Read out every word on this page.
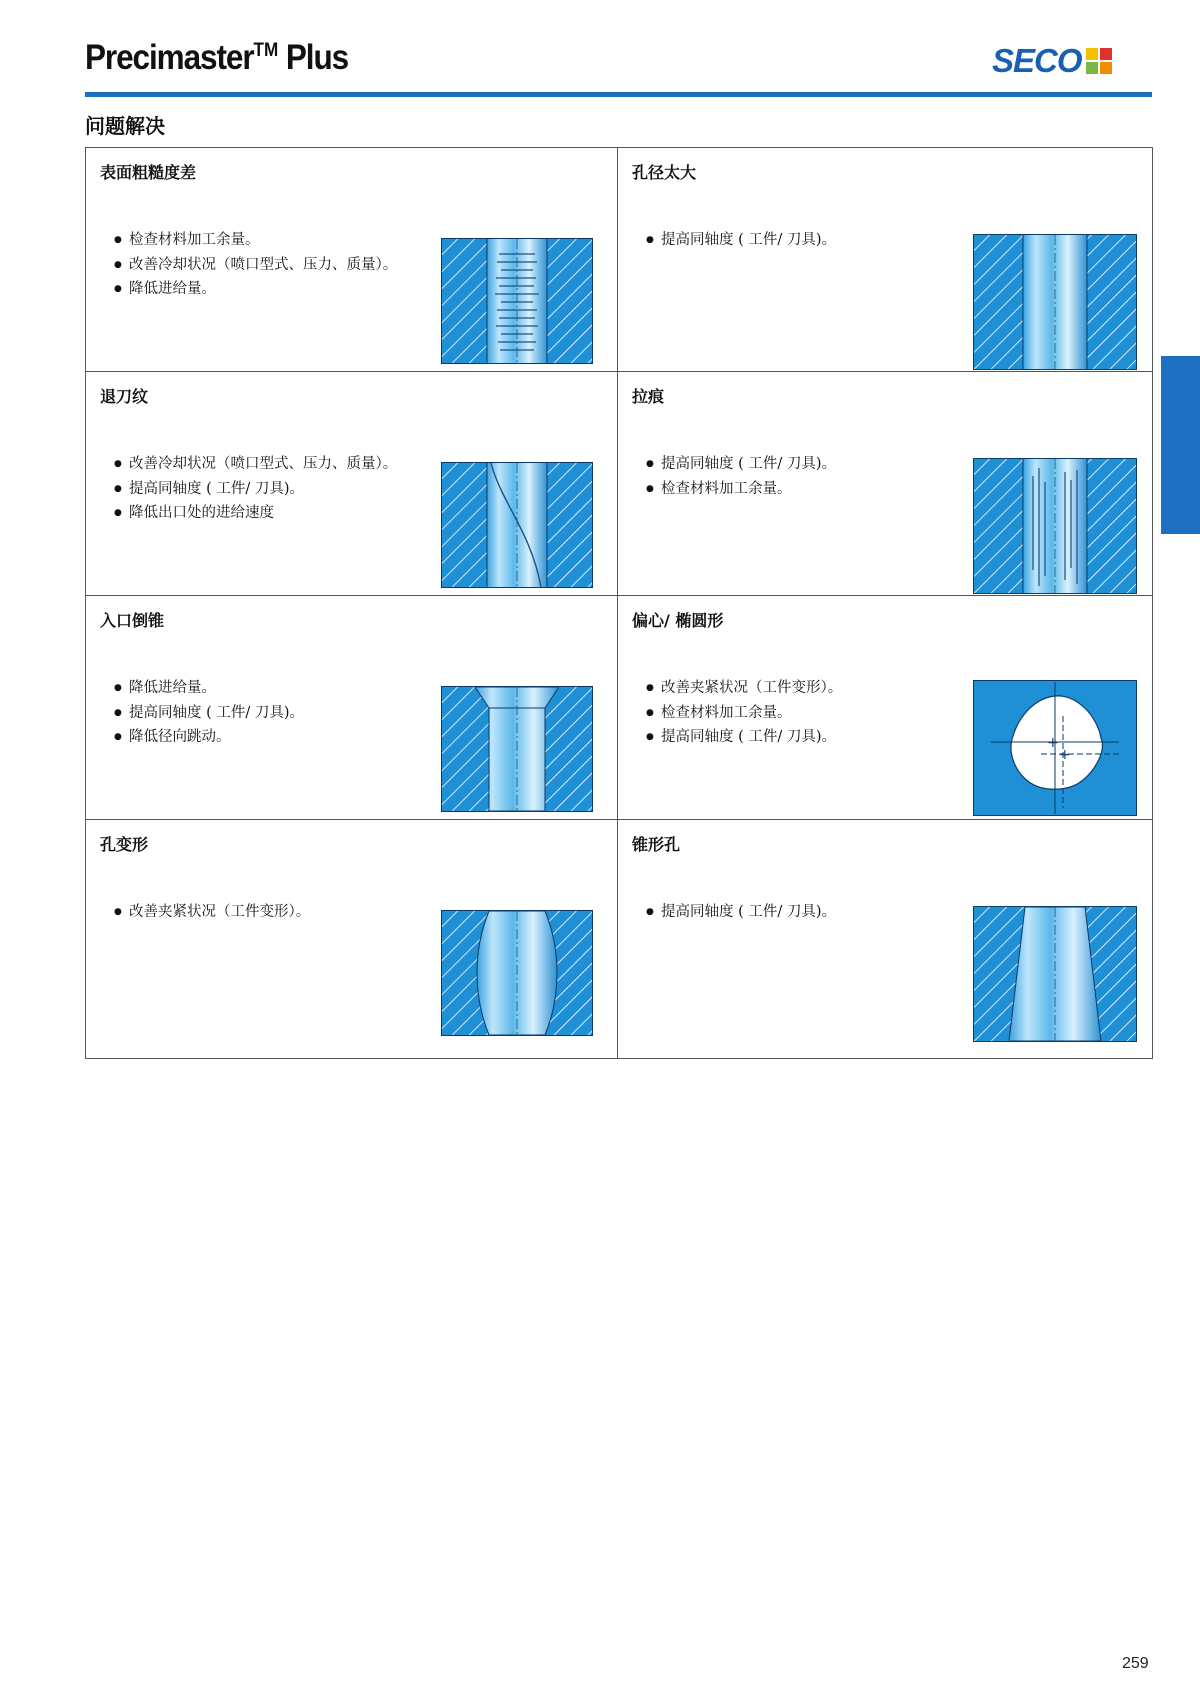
Precimaster™ Plus	SECO
问题解决
表面粗糙度差
● 检查材料加工余量。
● 改善冷却状况（喷口型式、压力、质量）。
● 降低进给量。
孔径太大
● 提高同轴度 ( 工件/ 刀具)。
退刀纹
● 改善冷却状况（喷口型式、压力、质量）。
● 提高同轴度 ( 工件/ 刀具)。
● 降低出口处的进给速度
拉痕
● 提高同轴度 ( 工件/ 刀具)。
● 检查材料加工余量。
入口倒锥
● 降低进给量。
● 提高同轴度 ( 工件/ 刀具)。
● 降低径向跳动。
偏心/ 椭圆形
● 改善夹紧状况（工件变形）。
● 检查材料加工余量。
● 提高同轴度 ( 工件/ 刀具)。	+
+
孔变形
● 改善夹紧状况（工件变形）。
锥形孔
● 提高同轴度 ( 工件/ 刀具)。
259
